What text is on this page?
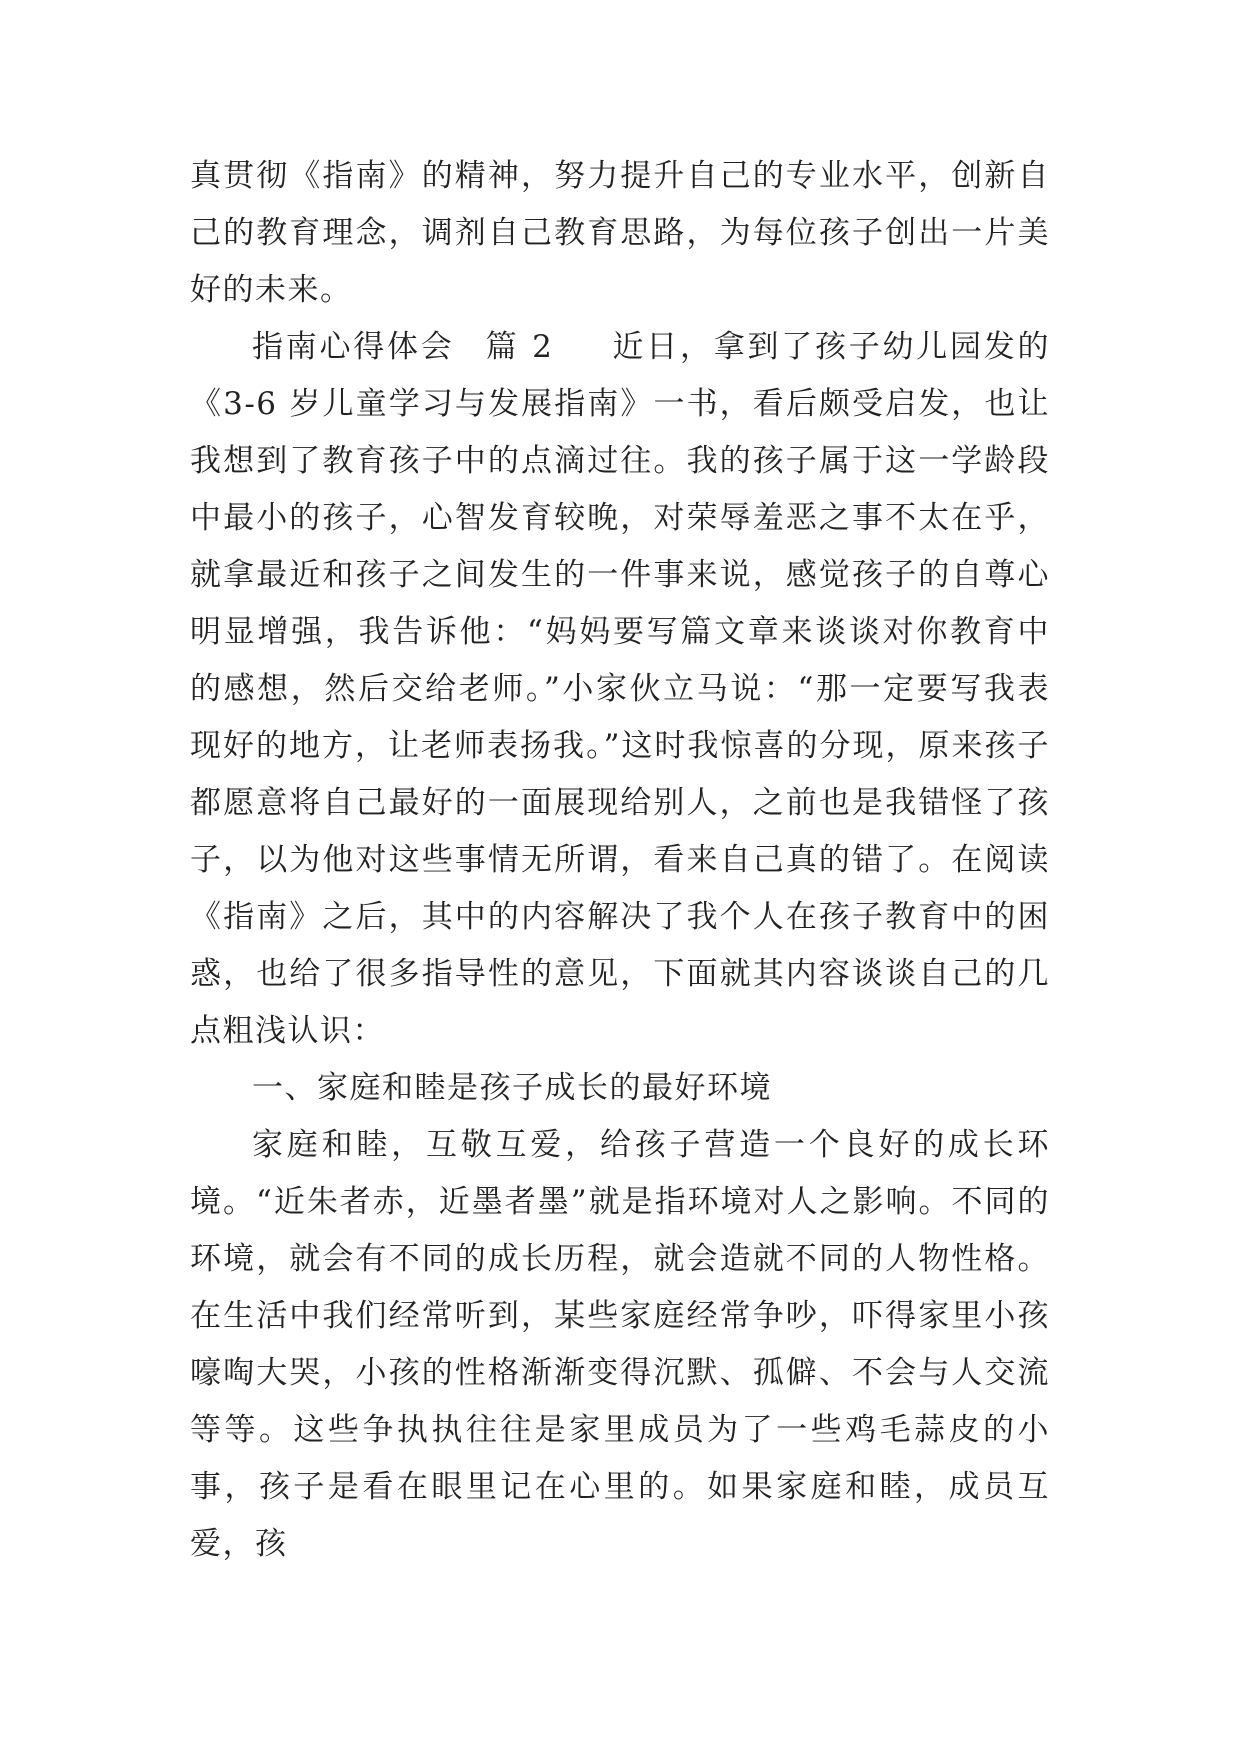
真贯彻《指南》的精神，努力提升自己的专业水平，创新自己的教育理念，调剂自己教育思路，为每位孩子创出一片美好的未来。

指南心得体会 篇 2 近日，拿到了孩子幼儿园发的《3-6 岁儿童学习与发展指南》一书，看后颇受启发，也让我想到了教育孩子中的点滴过往。我的孩子属于这一学龄段中最小的孩子，心智发育较晚，对荣辱羞恶之事不太在乎，就拿最近和孩子之间发生的一件事来说，感觉孩子的自尊心明显增强，我告诉他：“妈妈要写篇文章来谈谈对你教育中的感想，然后交给老师。”小家伙立马说：“那一定要写我表现好的地方，让老师表扬我。”这时我惊喜的分现，原来孩子都愿意将自己最好的一面展现给别人，之前也是我错怪了孩子，以为他对这些事情无所谓，看来自己真的错了。在阅读《指南》之后，其中的内容解决了我个人在孩子教育中的困惑，也给了很多指导性的意见，下面就其内容谈谈自己的几点粗浅认识：

一、家庭和睦是孩子成长的最好环境

家庭和睦，互敬互爱，给孩子营造一个良好的成长环境。“近朱者赤，近墨者墨”就是指环境对人之影响。不同的环境，就会有不同的成长历程，就会造就不同的人物性格。在生活中我们经常听到，某些家庭经常争吵，吓得家里小孩嚎啕大哭，小孩的性格渐渐变得沉默、孤僻、不会与人交流等等。这些争执执往往是家里成员为了一些鸡毛蒜皮的小事，孩子是看在眼里记在心里的。如果家庭和睦，成员互爱，孩
